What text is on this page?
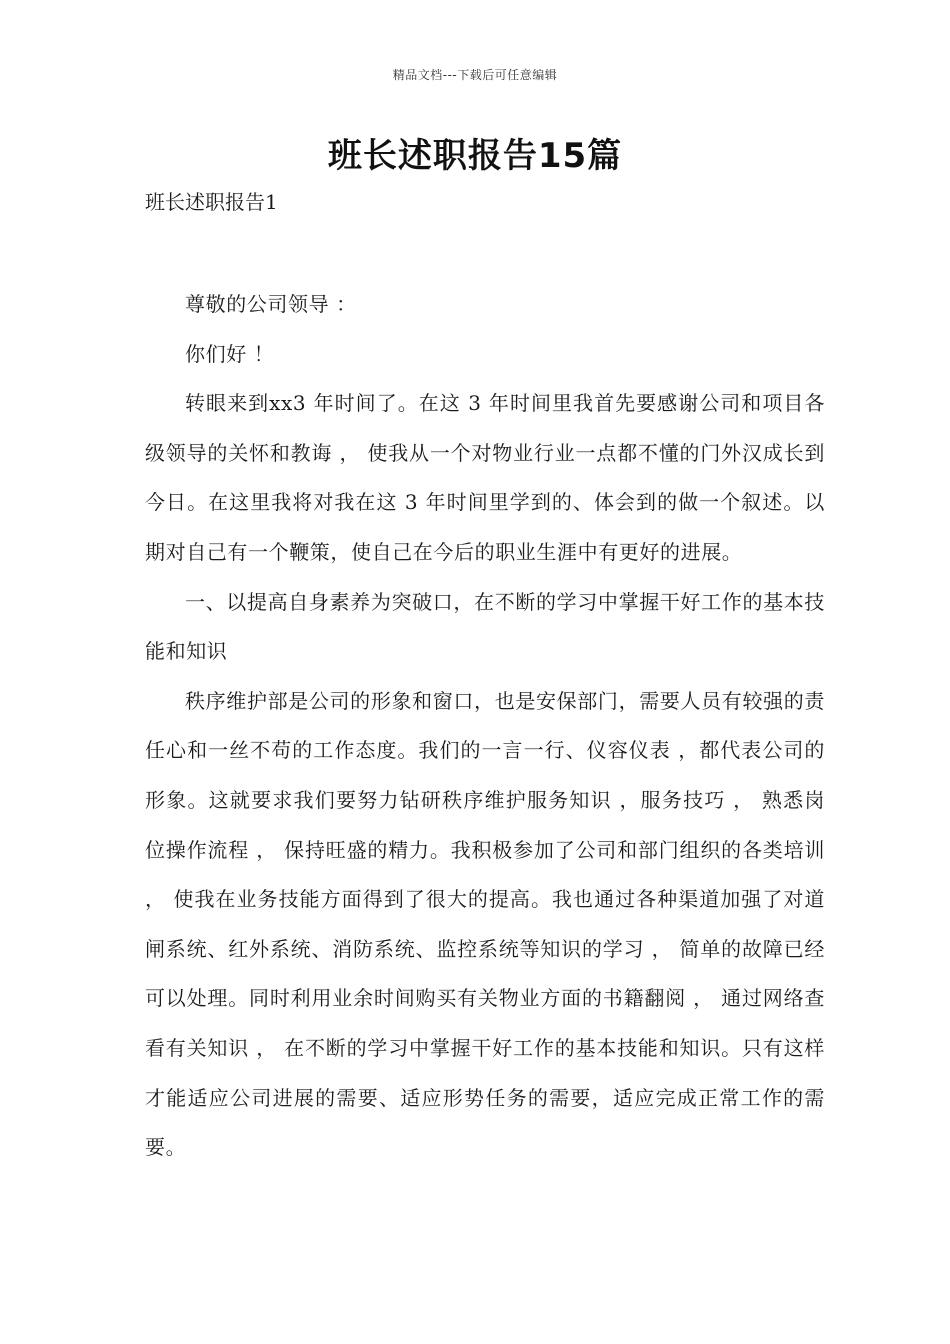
精品文档---下载后可任意编辑
班长述职报告15篇
班长述职报告1

尊敬的公司领导 ：

你们好 ！

转眼来到xx3 年时间了。在这 3 年时间里我首先要感谢公司和项目各级领导的关怀和教诲 ， 使我从一个对物业行业一点都不懂的门外汉成长到今日。在这里我将对我在这 3 年时间里学到的、体会到的做一个叙述。以期对自己有一个鞭策，使自己在今后的职业生涯中有更好的进展。

一、以提高自身素养为突破口，在不断的学习中掌握干好工作的基本技能和知识

秩序维护部是公司的形象和窗口，也是安保部门，需要人员有较强的责任心和一丝不苟的工作态度。我们的一言一行、仪容仪表 ，都代表公司的形象。这就要求我们要努力钻研秩序维护服务知识 ，服务技巧 ， 熟悉岗位操作流程 ， 保持旺盛的精力。我积极参加了公司和部门组织的各类培训 ， 使我在业务技能方面得到了很大的提高。我也通过各种渠道加强了对道闸系统、红外系统、消防系统、监控系统等知识的学习 ， 简单的故障已经可以处理。同时利用业余时间购买有关物业方面的书籍翻阅 ， 通过网络查看有关知识 ， 在不断的学习中掌握干好工作的基本技能和知识。只有这样才能适应公司进展的需要、适应形势任务的需要，适应完成正常工作的需要。
